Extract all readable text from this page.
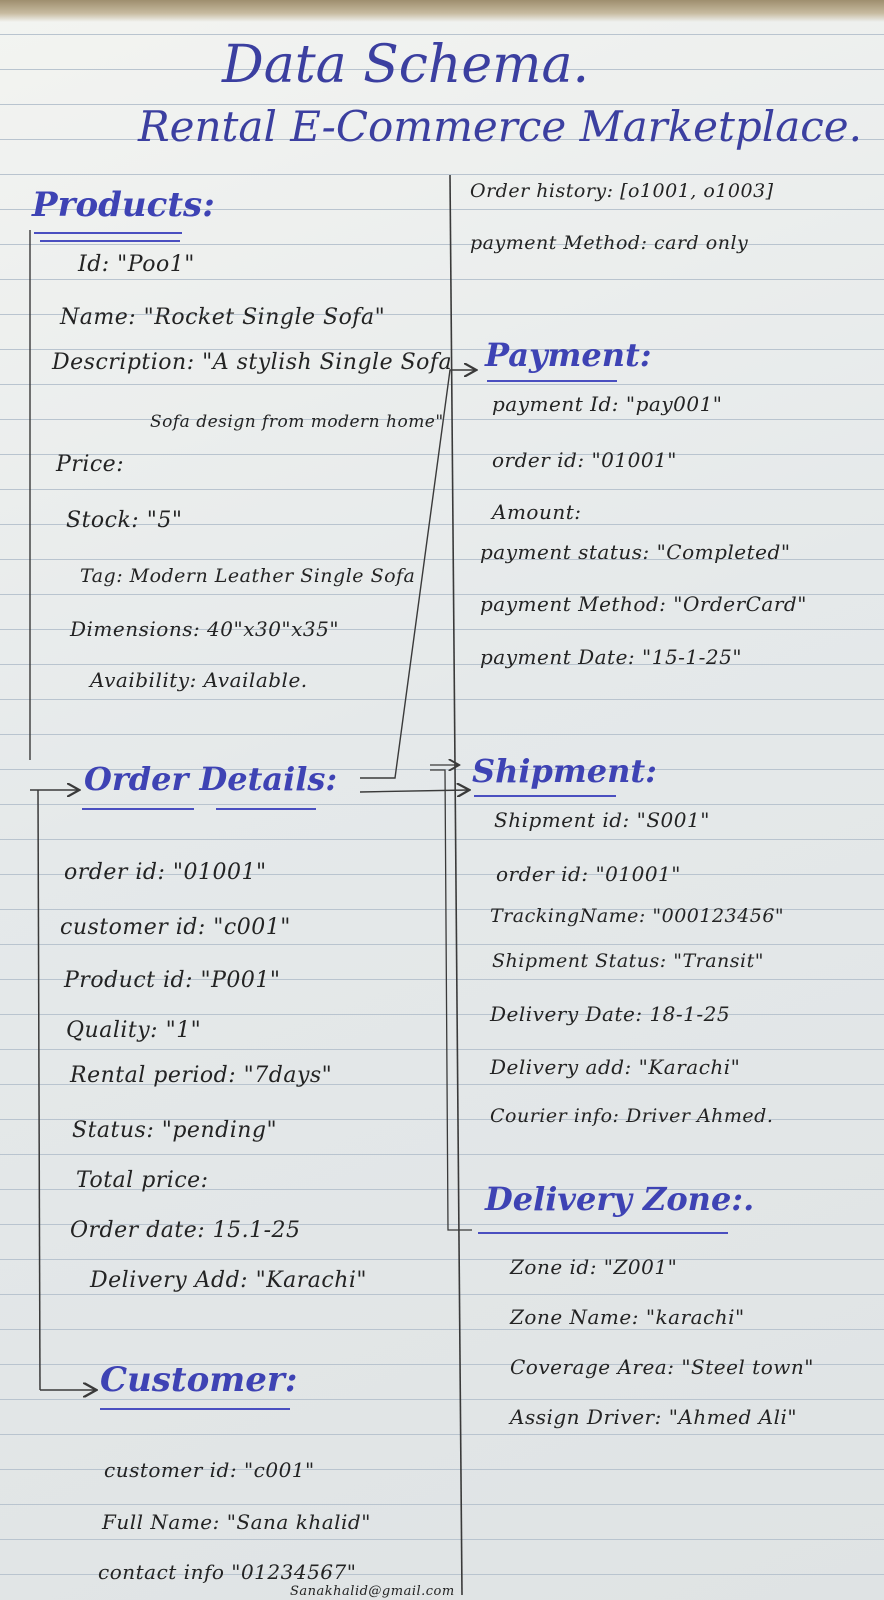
Data Schema.
Rental E-Commerce Marketplace.
Products:
Id: "Poo1"
Name: "Rocket Single Sofa"
Description: "A stylish Single Sofa
Sofa design from modern home"
Price:
Stock: "5"
Tag: Modern Leather Single Sofa
Dimensions: 40"x30"x35"
Avaibility: Available.
Order history: [o1001, o1003]
payment Method: card only
Payment:
payment Id: "pay001"
order id: "01001"
Amount:
payment status: "Completed"
payment Method: "OrderCard"
payment Date: "15-1-25"
Order Details:
order id: "01001"
customer id: "c001"
Product id: "P001"
Quality: "1"
Rental period: "7days"
Status: "pending"
Total price:
Order date: 15.1-25
Delivery Add: "Karachi"
Shipment:
Shipment id: "S001"
order id: "01001"
TrackingName: "000123456"
Shipment Status: "Transit"
Delivery Date: 18-1-25
Delivery add: "Karachi"
Courier info: Driver Ahmed.
Delivery Zone:.
Zone id: "Z001"
Zone Name: "karachi"
Coverage Area: "Steel town"
Assign Driver: "Ahmed Ali"
Customer:
customer id: "c001"
Full Name: "Sana khalid"
contact info "01234567"
Sanakhalid@gmail.com
